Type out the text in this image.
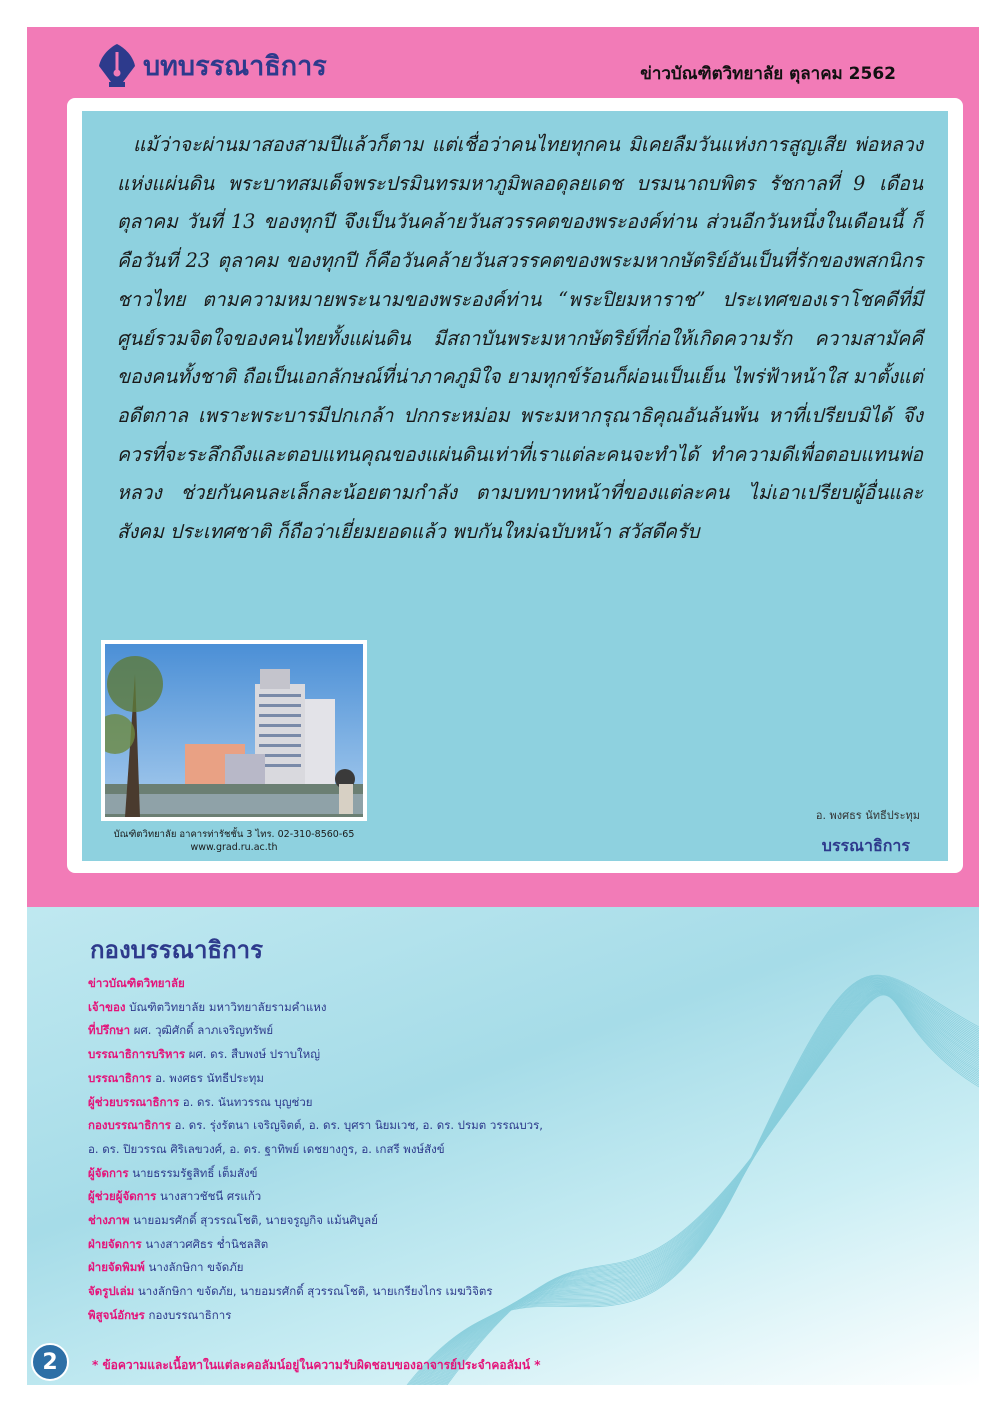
บทบรรณาธิการ	ข่าวบัณฑิตวิทยาลัย ตุลาคม 2562

แม้ว่าจะผ่านมาสองสามปีแล้วก็ตาม แต่เชื่อว่าคนไทยทุกคน มิเคยลืมวันแห่งการสูญเสีย พ่อหลวงแห่งแผ่นดิน พระบาทสมเด็จพระปรมินทรมหาภูมิพลอดุลยเดช บรมนาถบพิตร รัชกาลที่ 9 เดือนตุลาคม วันที่ 13 ของทุกปี จึงเป็นวันคล้ายวันสวรรคตของพระองค์ท่าน ส่วนอีกวันหนึ่งในเดือนนี้ ก็คือวันที่ 23 ตุลาคม ของทุกปี ก็คือวันคล้ายวันสวรรคตของพระมหากษัตริย์อันเป็นที่รักของพสกนิกรชาวไทย ตามความหมายพระนามของพระองค์ท่าน “พระปิยมหาราช” ประเทศของเราโชคดีที่มีศูนย์รวมจิตใจของคนไทยทั้งแผ่นดิน มีสถาบันพระมหากษัตริย์ที่ก่อให้เกิดความรัก ความสามัคคีของคนทั้งชาติ ถือเป็นเอกลักษณ์ที่น่าภาคภูมิใจ ยามทุกข์ร้อนก็ผ่อนเป็นเย็น ไพร่ฟ้าหน้าใส มาตั้งแต่อดีตกาล เพราะพระบารมีปกเกล้า ปกกระหม่อม พระมหากรุณาธิคุณอันล้นพ้น หาที่เปรียบมิได้ จึงควรที่จะระลึกถึงและตอบแทนคุณของแผ่นดินเท่าที่เราแต่ละคนจะทำได้ ทำความดีเพื่อตอบแทนพ่อหลวง ช่วยกันคนละเล็กละน้อยตามกำลัง ตามบทบาทหน้าที่ของแต่ละคน ไม่เอาเปรียบผู้อื่นและสังคม ประเทศชาติ ก็ถือว่าเยี่ยมยอดแล้ว พบกันใหม่ฉบับหน้า สวัสดีครับ

บัณฑิตวิทยาลัย อาคารท่ารัชชั้น 3 ไทร. 02-310-8560-65
www.grad.ru.ac.th
อ. พงศธร นัทธีประทุม
บรรณาธิการ
กองบรรณาธิการ
ข่าวบัณฑิตวิทยาลัย
เจ้าของ บัณฑิตวิทยาลัย มหาวิทยาลัยรามคำแหง
ที่ปรึกษา ผศ. วุฒิศักดิ์ ลาภเจริญทรัพย์
บรรณาธิการบริหาร ผศ. ดร. สืบพงษ์ ปราบใหญ่
บรรณาธิการ อ. พงศธร นัทธีประทุม
ผู้ช่วยบรรณาธิการ อ. ดร. นันทวรรณ บุญช่วย
กองบรรณาธิการ อ. ดร. รุ่งรัตนา เจริญจิตต์, อ. ดร. บุศรา นิยมเวช, อ. ดร. ปรมต วรรณบวร,
อ. ดร. ปิยวรรณ ศิริเลขวงศ์, อ. ดร. ฐาทิพย์ เดชยางกูร, อ. เกสรี พงษ์สังข์
ผู้จัดการ นายธรรมรัฐสิทธิ์ เต็มสังข์
ผู้ช่วยผู้จัดการ นางสาวชัชนี ศรแก้ว
ช่างภาพ นายอมรศักดิ์ สุวรรณโชติ, นายจรูญกิจ แม้นศิบูลย์
ฝ่ายจัดการ นางสาวศศิธร ช่ำนิชลสิต
ฝ่ายจัดพิมพ์ นางลักษิกา ขจัดภัย
จัดรูปเล่ม นางลักษิกา ขจัดภัย, นายอมรศักดิ์ สุวรรณโชติ, นายเกรียงไกร เมฆวิจิตร
พิสูจน์อักษร กองบรรณาธิการ
2	* ข้อความและเนื้อหาในแต่ละคอลัมน์อยู่ในความรับผิดชอบของอาจารย์ประจำคอลัมน์ *
